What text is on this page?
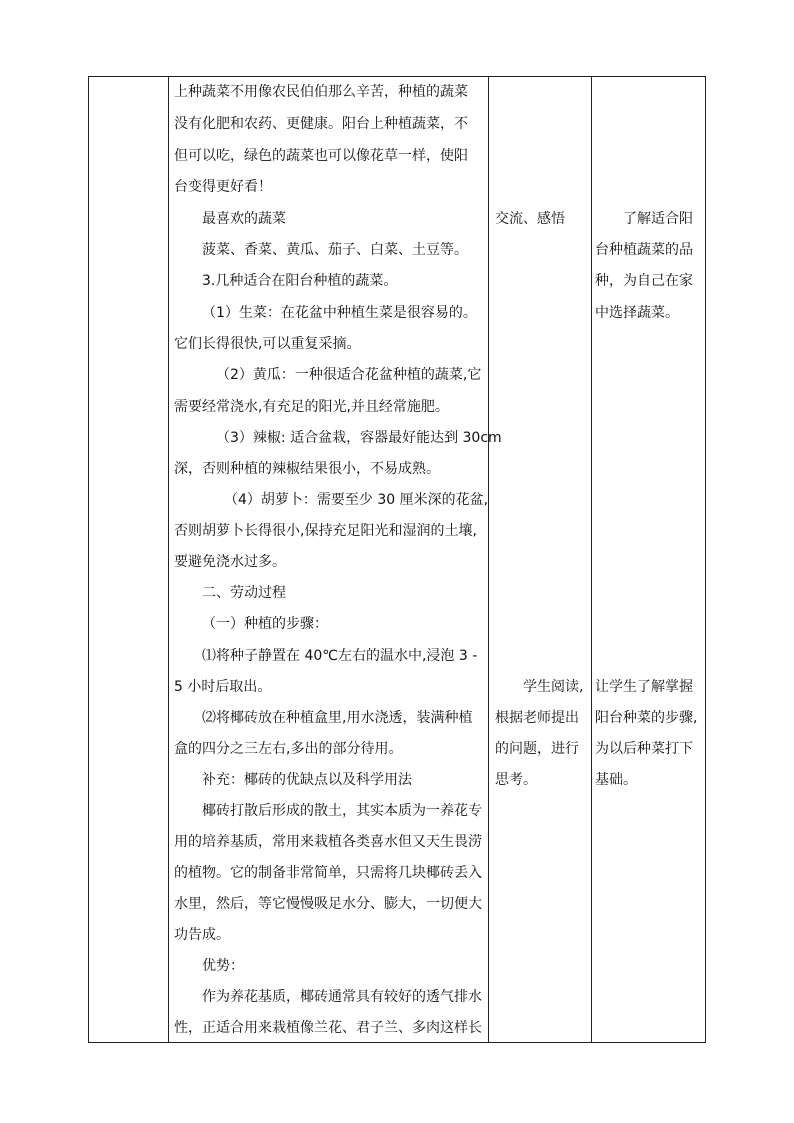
上种蔬菜不用像农民伯伯那么辛苦，种植的蔬菜
没有化肥和农药、更健康。阳台上种植蔬菜，不
但可以吃，绿色的蔬菜也可以像花草一样，使阳
台变得更好看！
最喜欢的蔬菜
菠菜、香菜、黄瓜、茄子、白菜、土豆等。
3.几种适合在阳台种植的蔬菜。
（1）生菜：在花盆中种植生菜是很容易的。
它们长得很快,可以重复采摘。
（2）黄瓜：一种很适合花盆种植的蔬菜,它
需要经常浇水,有充足的阳光,并且经常施肥。
（3）辣椒: 适合盆栽，容器最好能达到 30cm
深，否则种植的辣椒结果很小，不易成熟。
（4）胡萝卜：需要至少 30 厘米深的花盆,
否则胡萝卜长得很小,保持充足阳光和湿润的土壤,
要避免浇水过多。
二、劳动过程
（一）种植的步骤：
⑴将种子静置在 40℃左右的温水中,浸泡 3 -
5 小时后取出。
⑵将椰砖放在种植盒里,用水浇透，装满种植
盒的四分之三左右,多出的部分待用。
补充：椰砖的优缺点以及科学用法
椰砖打散后形成的散土，其实本质为一养花专
用的培养基质，常用来栽植各类喜水但又天生畏涝
的植物。它的制备非常简单，只需将几块椰砖丢入
水里，然后，等它慢慢吸足水分、膨大，一切便大
功告成。
优势：
作为养花基质，椰砖通常具有较好的透气排水
性，正适合用来栽植像兰花、君子兰、多肉这样长
交流、感悟
学生阅读,
根据老师提出
的问题，进行
思考。
了解适合阳
台种植蔬菜的品
种，为自己在家
中选择蔬菜。
让学生了解掌握
阳台种菜的步骤,
为以后种菜打下
基础。
